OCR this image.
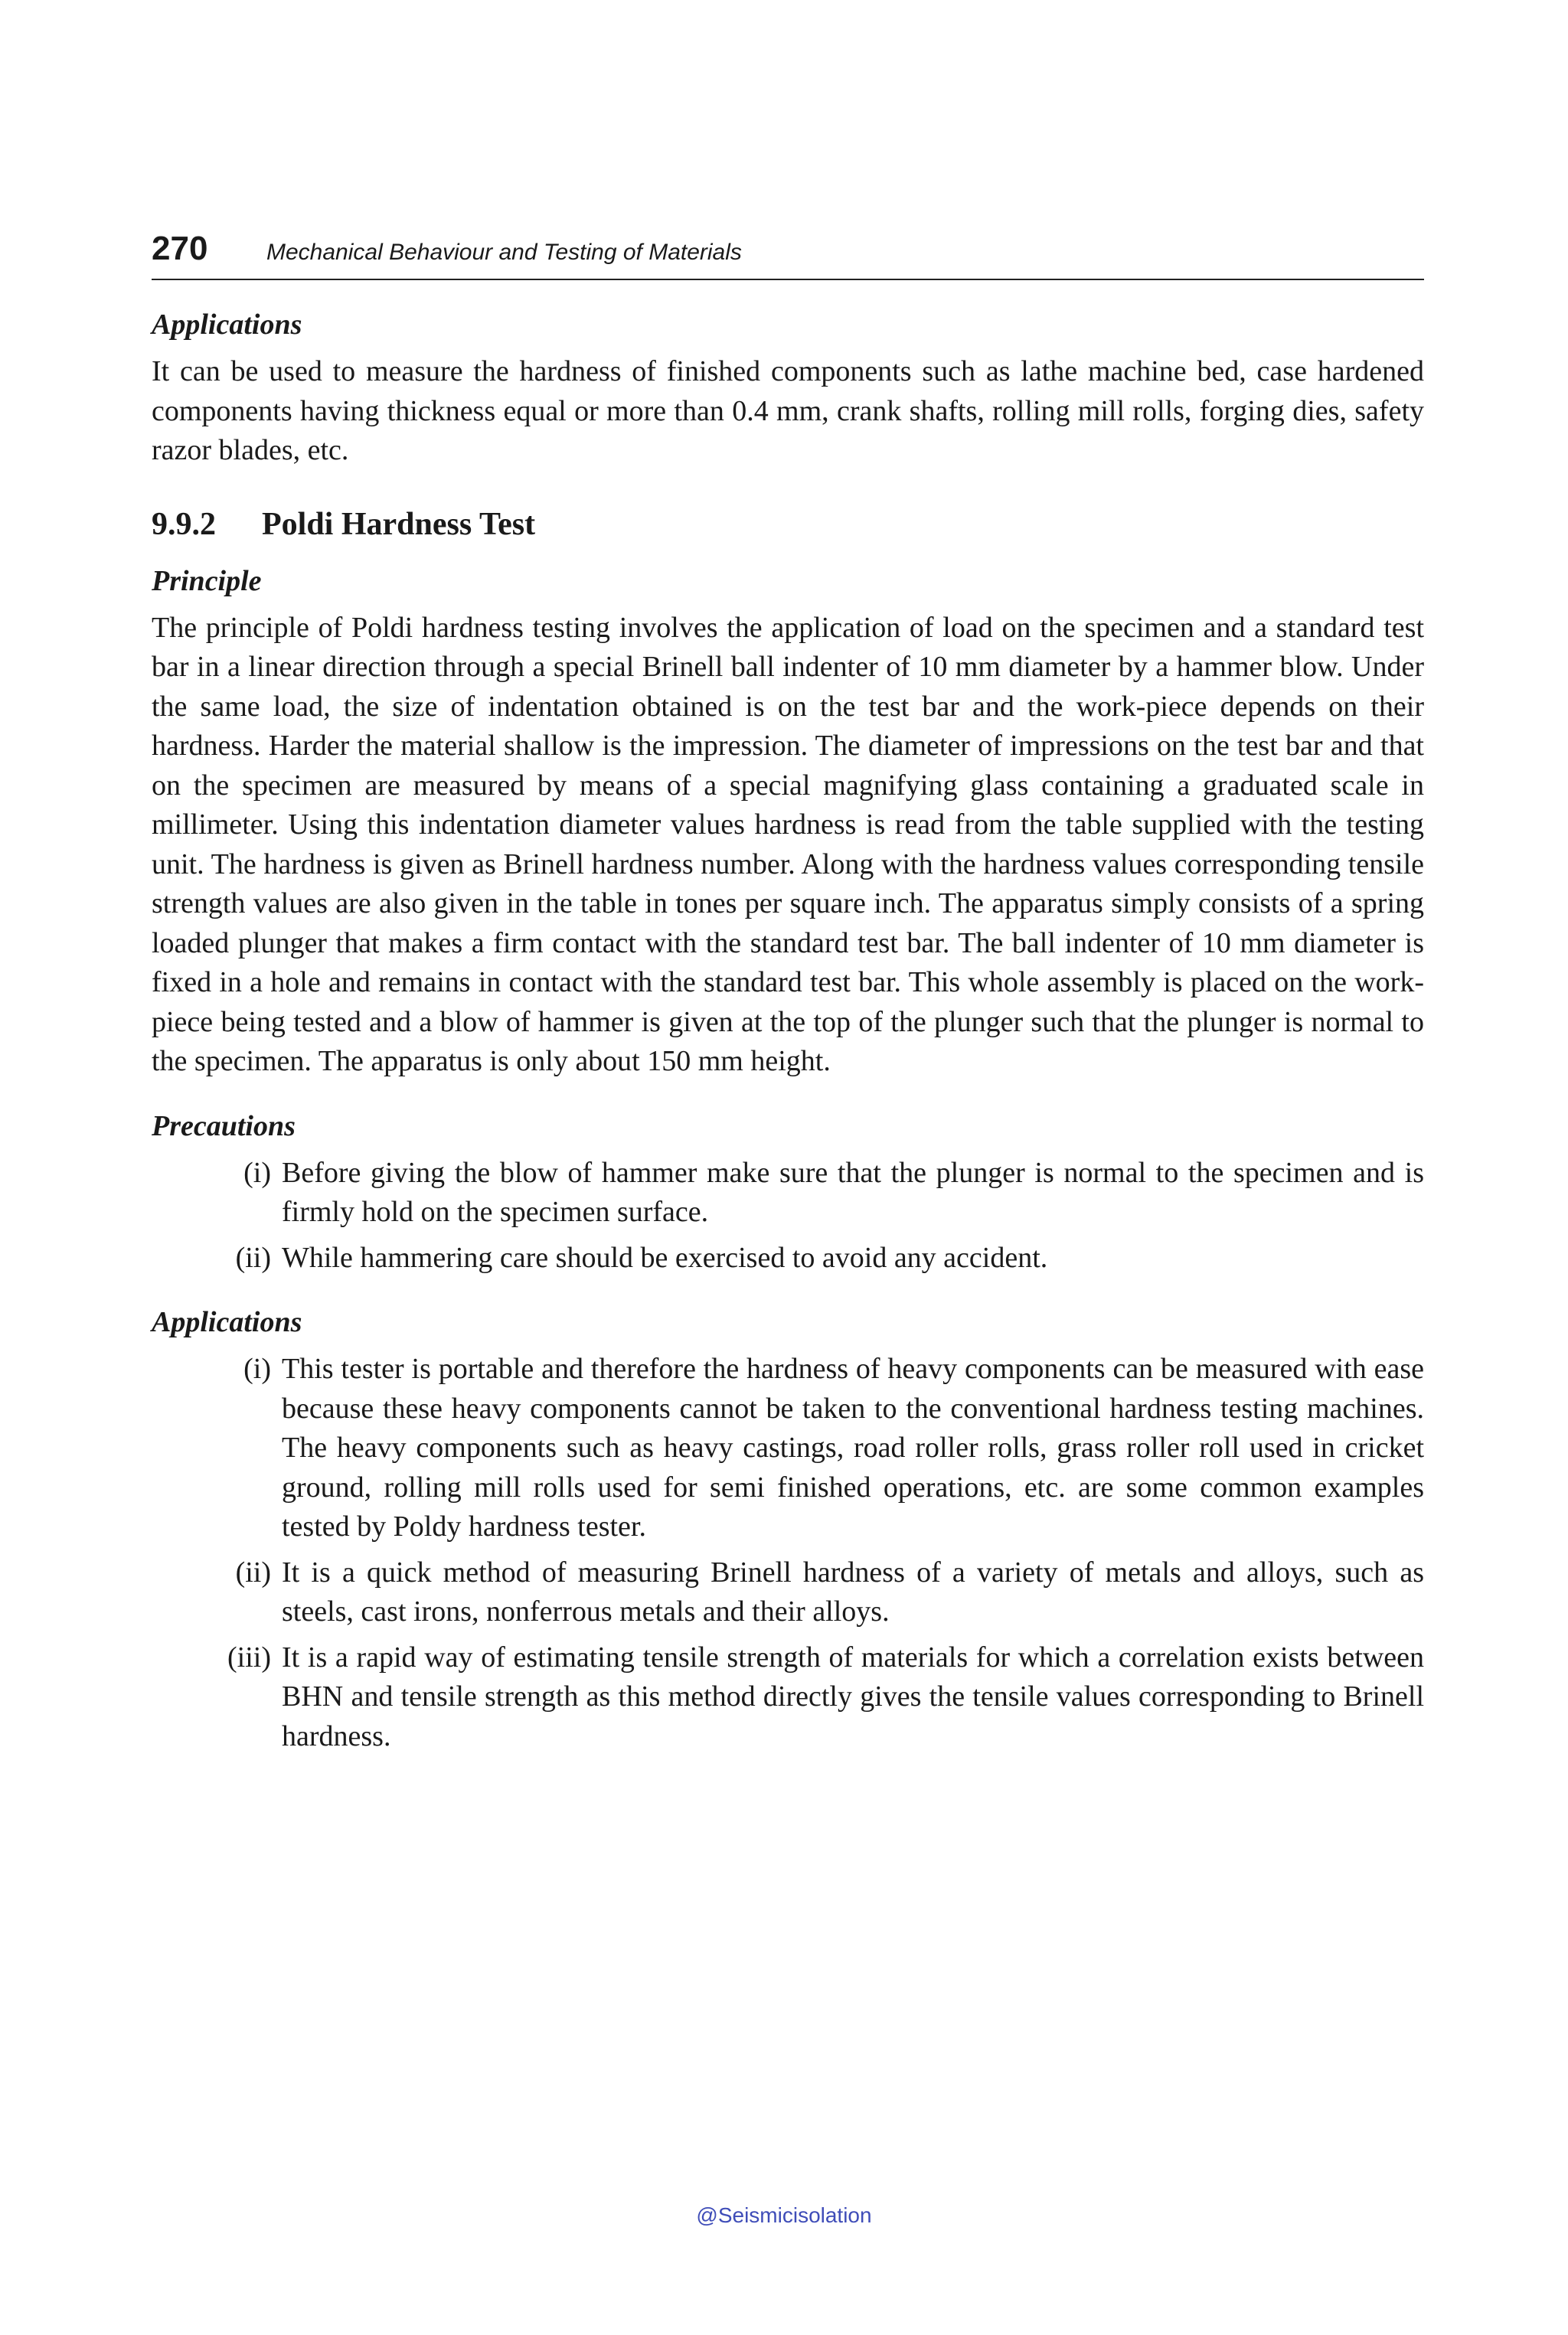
270	Mechanical Behaviour and Testing of Materials

Applications

It can be used to measure the hardness of finished components such as lathe machine bed, case hardened components having thickness equal or more than 0.4 mm, crank shafts, rolling mill rolls, forging dies, safety razor blades, etc.

9.9.2	Poldi Hardness Test

Principle

The principle of Poldi hardness testing involves the application of load on the specimen and a standard test bar in a linear direction through a special Brinell ball indenter of 10 mm diameter by a hammer blow. Under the same load, the size of indentation obtained is on the test bar and the work-piece depends on their hardness. Harder the material shallow is the impression. The diameter of impressions on the test bar and that on the specimen are measured by means of a special magnifying glass containing a graduated scale in millimeter. Using this indentation diameter values hardness is read from the table supplied with the testing unit. The hardness is given as Brinell hardness number. Along with the hardness values corresponding tensile strength values are also given in the table in tones per square inch. The apparatus simply consists of a spring loaded plunger that makes a firm contact with the standard test bar. The ball indenter of 10 mm diameter is fixed in a hole and remains in contact with the standard test bar. This whole assembly is placed on the work-piece being tested and a blow of hammer is given at the top of the plunger such that the plunger is normal to the specimen. The apparatus is only about 150 mm height.

Precautions

(i) Before giving the blow of hammer make sure that the plunger is normal to the specimen and is firmly hold on the specimen surface.
(ii) While hammering care should be exercised to avoid any accident.

Applications

(i) This tester is portable and therefore the hardness of heavy components can be measured with ease because these heavy components cannot be taken to the conventional hardness testing machines. The heavy components such as heavy castings, road roller rolls, grass roller roll used in cricket ground, rolling mill rolls used for semi finished operations, etc. are some common examples tested by Poldy hardness tester.
(ii) It is a quick method of measuring Brinell hardness of a variety of metals and alloys, such as steels, cast irons, nonferrous metals and their alloys.
(iii) It is a rapid way of estimating tensile strength of materials for which a correlation exists between BHN and tensile strength as this method directly gives the tensile values corresponding to Brinell hardness.
@Seismicisolation
